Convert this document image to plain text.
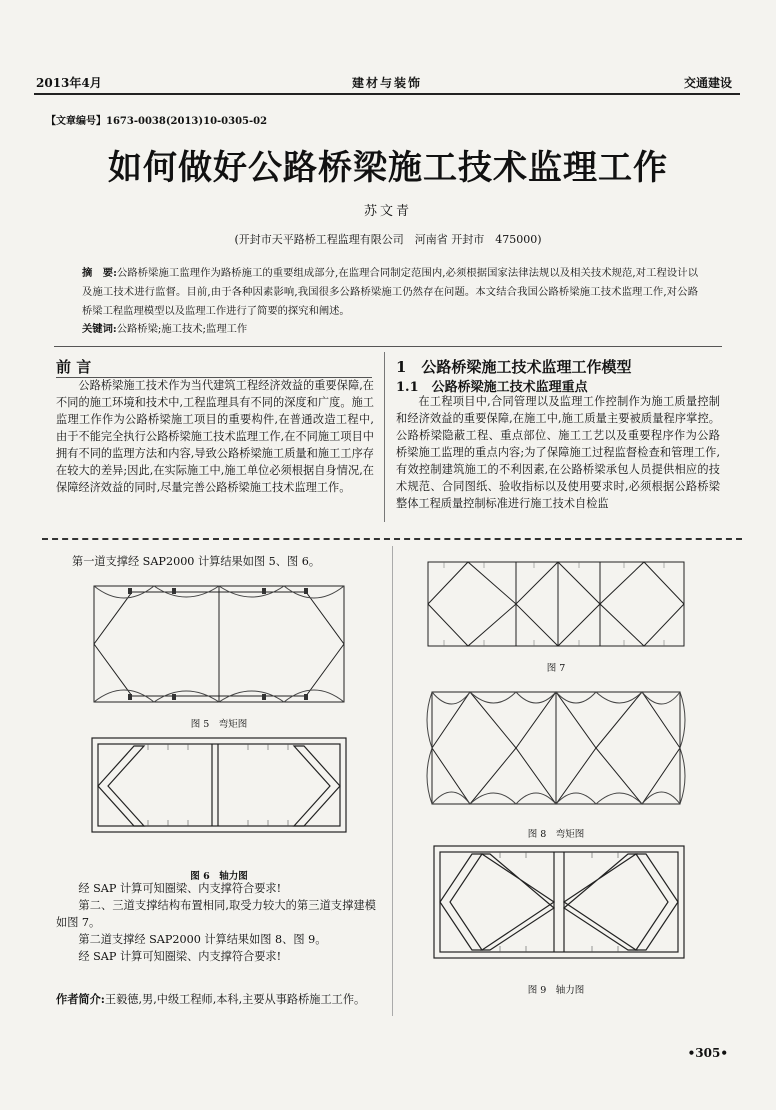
2013年4月	建材与装饰	交通建设
【文章编号】1673-0038(2013)10-0305-02
如何做好公路桥梁施工技术监理工作
苏文青
(开封市天平路桥工程监理有限公司　河南省 开封市　475000)
摘　要:公路桥梁施工监理作为路桥施工的重要组成部分,在监理合同制定范围内,必须根据国家法律法规以及相关技术规范,对工程设计以及施工技术进行监督。目前,由于各种因素影响,我国很多公路桥梁施工仍然存在问题。本文结合我国公路桥梁施工技术监理工作,对公路桥梁工程监理模型以及监理工作进行了简要的探究和阐述。
关键词:公路桥梁;施工技术;监理工作
前 言

公路桥梁施工技术作为当代建筑工程经济效益的重要保障,在不同的施工环境和技术中,工程监理具有不同的深度和广度。施工监理工作作为公路桥梁施工项目的重要构件,在普通改造工程中,由于不能完全执行公路桥梁施工技术监理工作,在不同施工项目中拥有不同的监理方法和内容,导致公路桥梁施工质量和施工工序存在较大的差异;因此,在实际施工中,施工单位必须根据自身情况,在保障经济效益的同时,尽量完善公路桥梁施工技术监理工作。

1　公路桥梁施工技术监理工作模型
1.1　公路桥梁施工技术监理重点

在工程项目中,合同管理以及监理工作控制作为施工质量控制和经济效益的重要保障,在施工中,施工质量主要被质量程序掌控。公路桥梁隐蔽工程、重点部位、施工工艺以及重要程序作为公路桥梁施工监理的重点内容;为了保障施工过程监督检查和管理工作,有效控制建筑施工的不利因素,在公路桥梁承包人员提供相应的技术规范、合同图纸、验收指标以及使用要求时,必须根据公路桥梁整体工程质量控制标准进行施工技术自检监

第一道支撑经 SAP2000 计算结果如图 5、图 6。
图 5　弯矩图
图 6　轴力图

经 SAP 计算可知圈梁、内支撑符合要求!

第二、三道支撑结构布置相同,取受力较大的第三道支撑建模如图 7。

第二道支撑经 SAP2000 计算结果如图 8、图 9。

经 SAP 计算可知圈梁、内支撑符合要求!

作者简介:王毅德,男,中级工程师,本科,主要从事路桥施工工作。
图 7
图 8　弯矩图
图 9　轴力图
•305•
